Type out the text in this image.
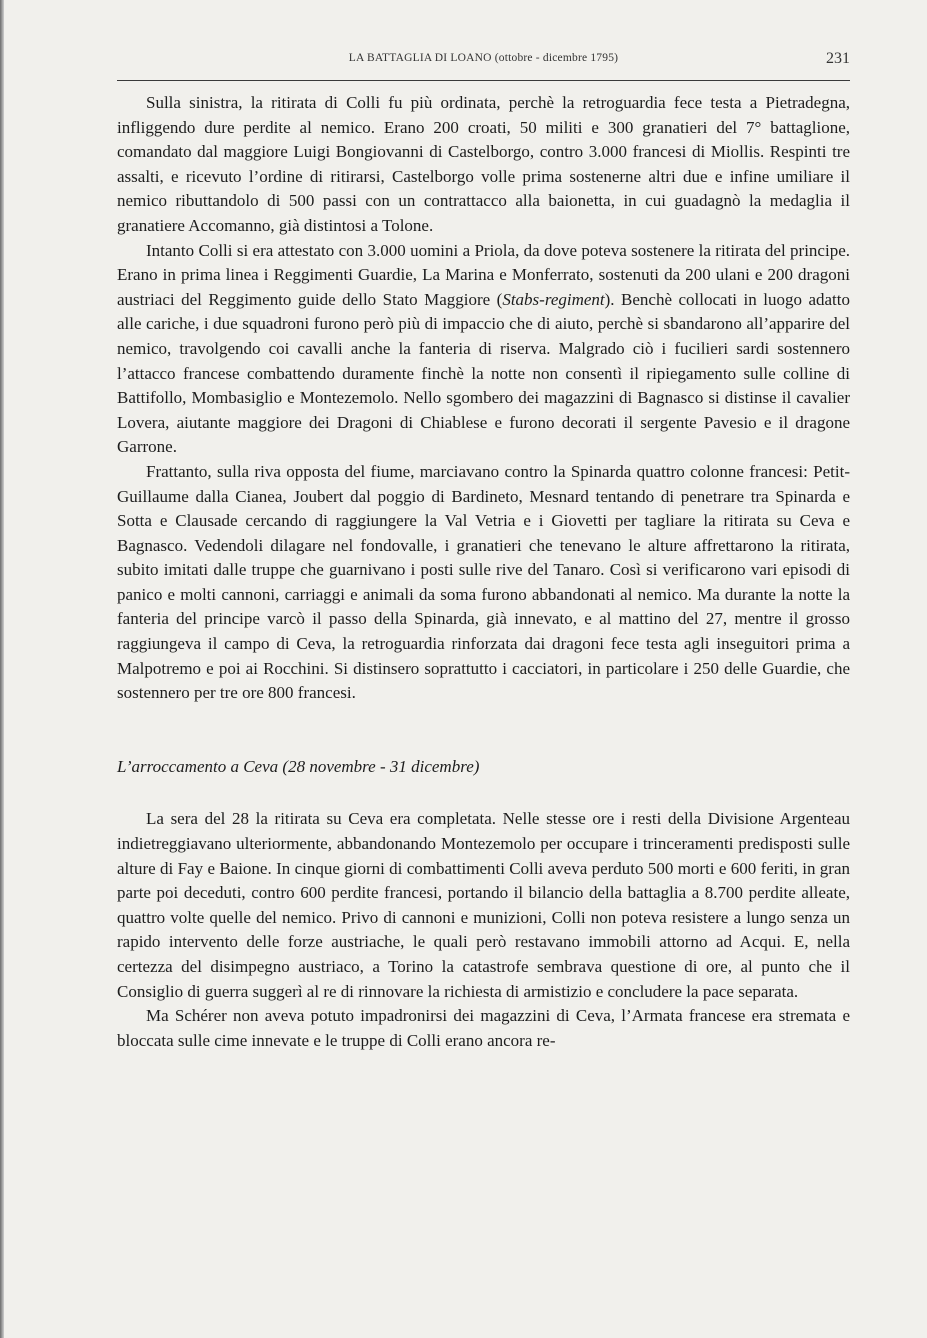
LA BATTAGLIA DI LOANO (ottobre - dicembre 1795)	231

Sulla sinistra, la ritirata di Colli fu più ordinata, perchè la retroguardia fece testa a Pietradegna, infliggendo dure perdite al nemico. Erano 200 croati, 50 militi e 300 granatieri del 7° battaglione, comandato dal maggiore Luigi Bongiovanni di Castelborgo, contro 3.000 francesi di Miollis. Respinti tre assalti, e ricevuto l’ordine di ritirarsi, Castelborgo volle prima sostenerne altri due e infine umiliare il nemico ributtandolo di 500 passi con un contrattacco alla baionetta, in cui guadagnò la medaglia il granatiere Accomanno, già distintosi a Tolone.

Intanto Colli si era attestato con 3.000 uomini a Priola, da dove poteva sostenere la ritirata del principe. Erano in prima linea i Reggimenti Guardie, La Marina e Monferrato, sostenuti da 200 ulani e 200 dragoni austriaci del Reggimento guide dello Stato Maggiore (Stabs-regiment). Benchè collocati in luogo adatto alle cariche, i due squadroni furono però più di impaccio che di aiuto, perchè si sbandarono all’apparire del nemico, travolgendo coi cavalli anche la fanteria di riserva. Malgrado ciò i fucilieri sardi sostennero l’attacco francese combattendo duramente finchè la notte non consentì il ripiegamento sulle colline di Battifollo, Mombasiglio e Montezemolo. Nello sgombero dei magazzini di Bagnasco si distinse il cavalier Lovera, aiutante maggiore dei Dragoni di Chiablese e furono decorati il sergente Pavesio e il dragone Garrone.

Frattanto, sulla riva opposta del fiume, marciavano contro la Spinarda quattro colonne francesi: Petit-Guillaume dalla Cianea, Joubert dal poggio di Bardineto, Mesnard tentando di penetrare tra Spinarda e Sotta e Clausade cercando di raggiungere la Val Vetria e i Giovetti per tagliare la ritirata su Ceva e Bagnasco. Vedendoli dilagare nel fondovalle, i granatieri che tenevano le alture affrettarono la ritirata, subito imitati dalle truppe che guarnivano i posti sulle rive del Tanaro. Così si verificarono vari episodi di panico e molti cannoni, carriaggi e animali da soma furono abbandonati al nemico. Ma durante la notte la fanteria del principe varcò il passo della Spinarda, già innevato, e al mattino del 27, mentre il grosso raggiungeva il campo di Ceva, la retroguardia rinforzata dai dragoni fece testa agli inseguitori prima a Malpotremo e poi ai Rocchini. Si distinsero soprattutto i cacciatori, in particolare i 250 delle Guardie, che sostennero per tre ore 800 francesi.

L’arroccamento a Ceva (28 novembre - 31 dicembre)

La sera del 28 la ritirata su Ceva era completata. Nelle stesse ore i resti della Divisione Argenteau indietreggiavano ulteriormente, abbandonando Montezemolo per occupare i trinceramenti predisposti sulle alture di Fay e Baione. In cinque giorni di combattimenti Colli aveva perduto 500 morti e 600 feriti, in gran parte poi deceduti, contro 600 perdite francesi, portando il bilancio della battaglia a 8.700 perdite alleate, quattro volte quelle del nemico. Privo di cannoni e munizioni, Colli non poteva resistere a lungo senza un rapido intervento delle forze austriache, le quali però restavano immobili attorno ad Acqui. E, nella certezza del disimpegno austriaco, a Torino la catastrofe sembrava questione di ore, al punto che il Consiglio di guerra suggerì al re di rinnovare la richiesta di armistizio e concludere la pace separata.

Ma Schérer non aveva potuto impadronirsi dei magazzini di Ceva, l’Armata francese era stremata e bloccata sulle cime innevate e le truppe di Colli erano ancora re-
